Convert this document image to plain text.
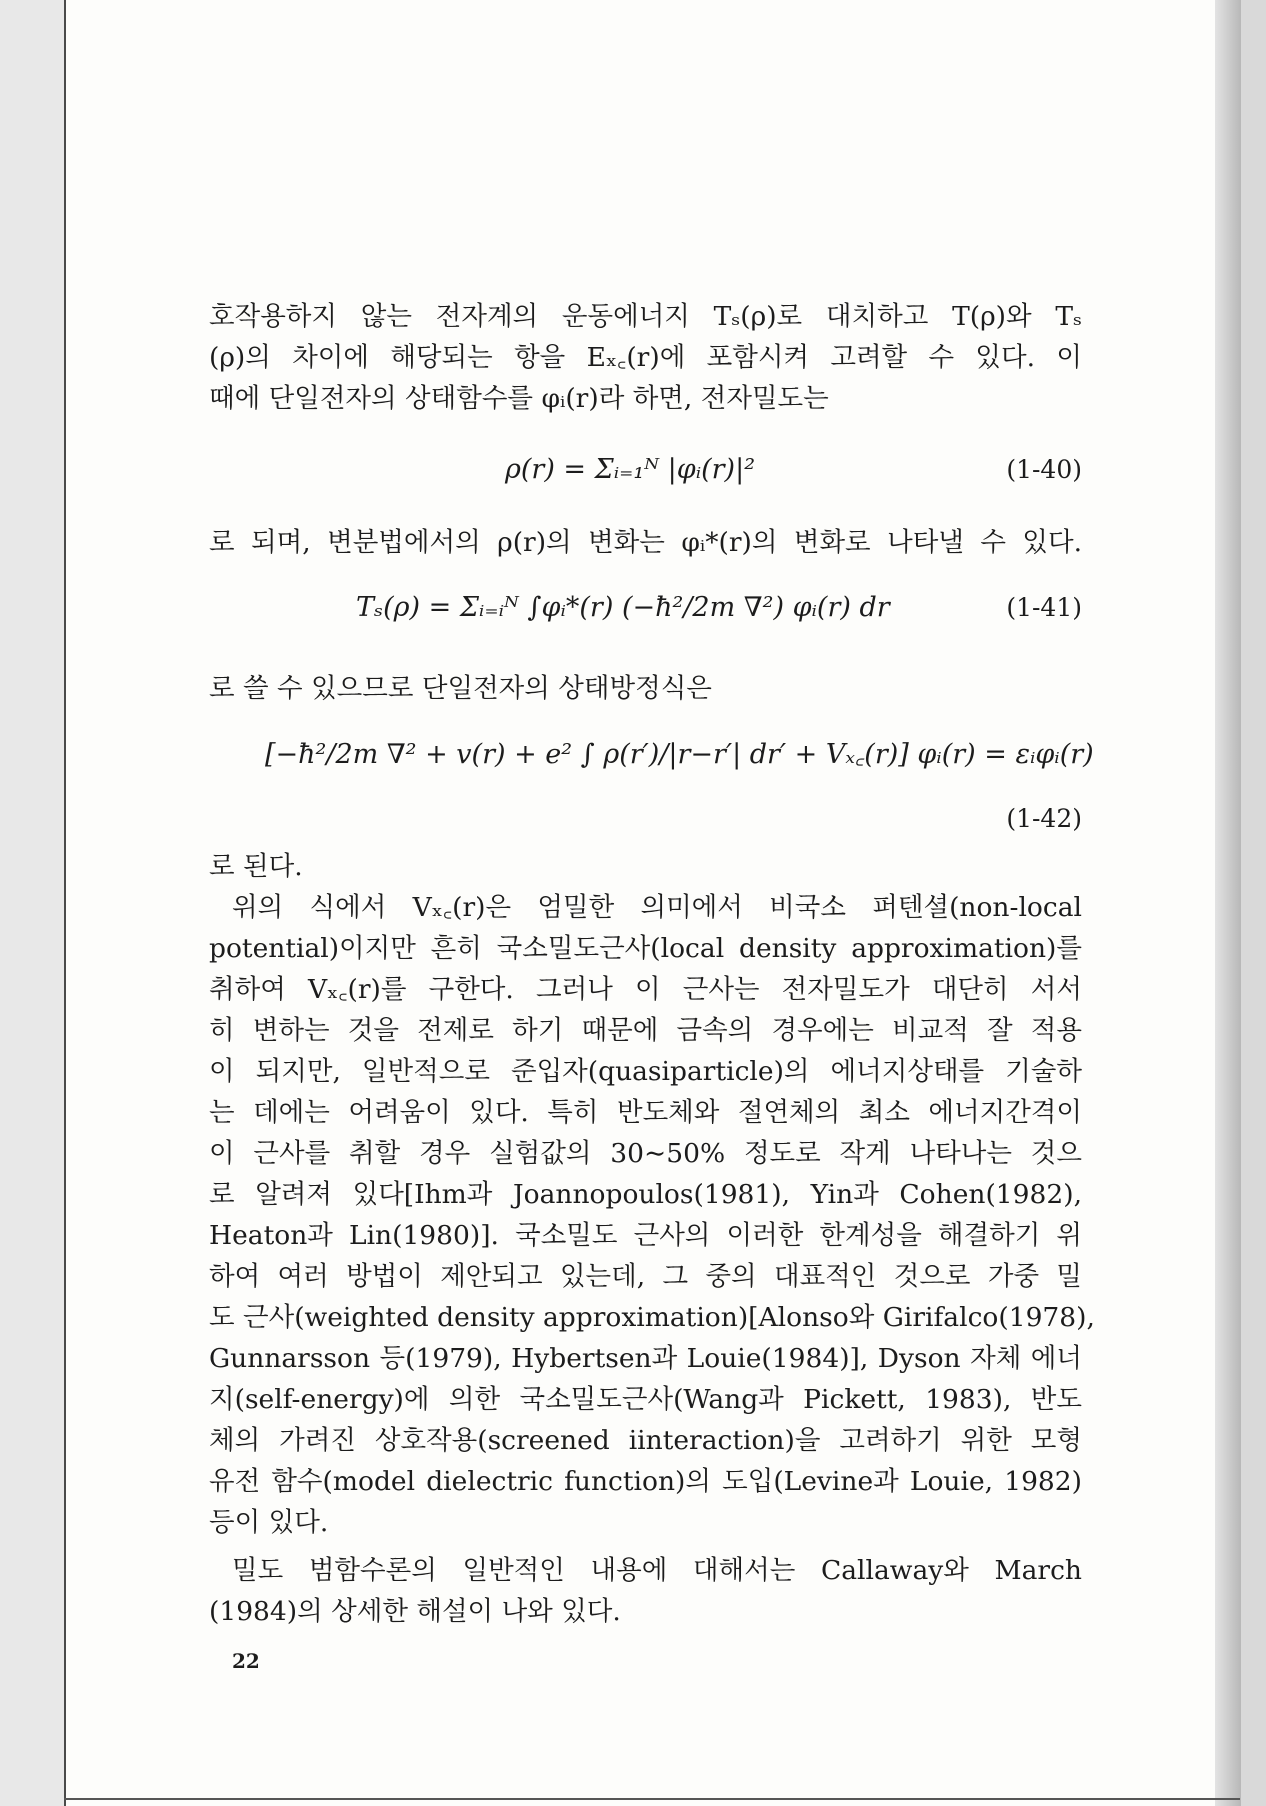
호작용하지 않는 전자계의 운동에너지 Tₛ(ρ)로 대치하고 T(ρ)와 Tₛ
(ρ)의 차이에 해당되는 항을 Eₓ꜀(r)에 포함시켜 고려할 수 있다. 이
때에 단일전자의 상태함수를 φᵢ(r)라 하면, 전자밀도는
ρ(r) = Σᵢ₌₁ᴺ |φᵢ(r)|²	(1-40)
로 되며, 변분법에서의 ρ(r)의 변화는 φᵢ*(r)의 변화로 나타낼 수 있다.
Tₛ(ρ) = Σᵢ₌ᵢᴺ ∫φᵢ*(r) (−ħ²/2m ∇²) φᵢ(r) dr	(1-41)
로 쓸 수 있으므로 단일전자의 상태방정식은
[−ħ²/2m ∇² + v(r) + e² ∫ ρ(r′)/|r−r′| dr′ + Vₓ꜀(r)] φᵢ(r) = εᵢφᵢ(r)
(1-42)
로 된다.
위의 식에서 Vₓ꜀(r)은 엄밀한 의미에서 비국소 퍼텐셜(non-local
potential)이지만 흔히 국소밀도근사(local density approximation)를
취하여 Vₓ꜀(r)를 구한다. 그러나 이 근사는 전자밀도가 대단히 서서
히 변하는 것을 전제로 하기 때문에 금속의 경우에는 비교적 잘 적용
이 되지만, 일반적으로 준입자(quasiparticle)의 에너지상태를 기술하
는 데에는 어려움이 있다. 특히 반도체와 절연체의 최소 에너지간격이
이 근사를 취할 경우 실험값의 30∼50% 정도로 작게 나타나는 것으
로 알려져 있다[Ihm과 Joannopoulos(1981), Yin과 Cohen(1982),
Heaton과 Lin(1980)]. 국소밀도 근사의 이러한 한계성을 해결하기 위
하여 여러 방법이 제안되고 있는데, 그 중의 대표적인 것으로 가중 밀
도 근사(weighted density approximation)[Alonso와 Girifalco(1978),
Gunnarsson 등(1979), Hybertsen과 Louie(1984)], Dyson 자체 에너
지(self-energy)에 의한 국소밀도근사(Wang과 Pickett, 1983), 반도
체의 가려진 상호작용(screened iinteraction)을 고려하기 위한 모형
유전 함수(model dielectric function)의 도입(Levine과 Louie, 1982)
등이 있다.
밀도 범함수론의 일반적인 내용에 대해서는 Callaway와 March
(1984)의 상세한 해설이 나와 있다.
22
